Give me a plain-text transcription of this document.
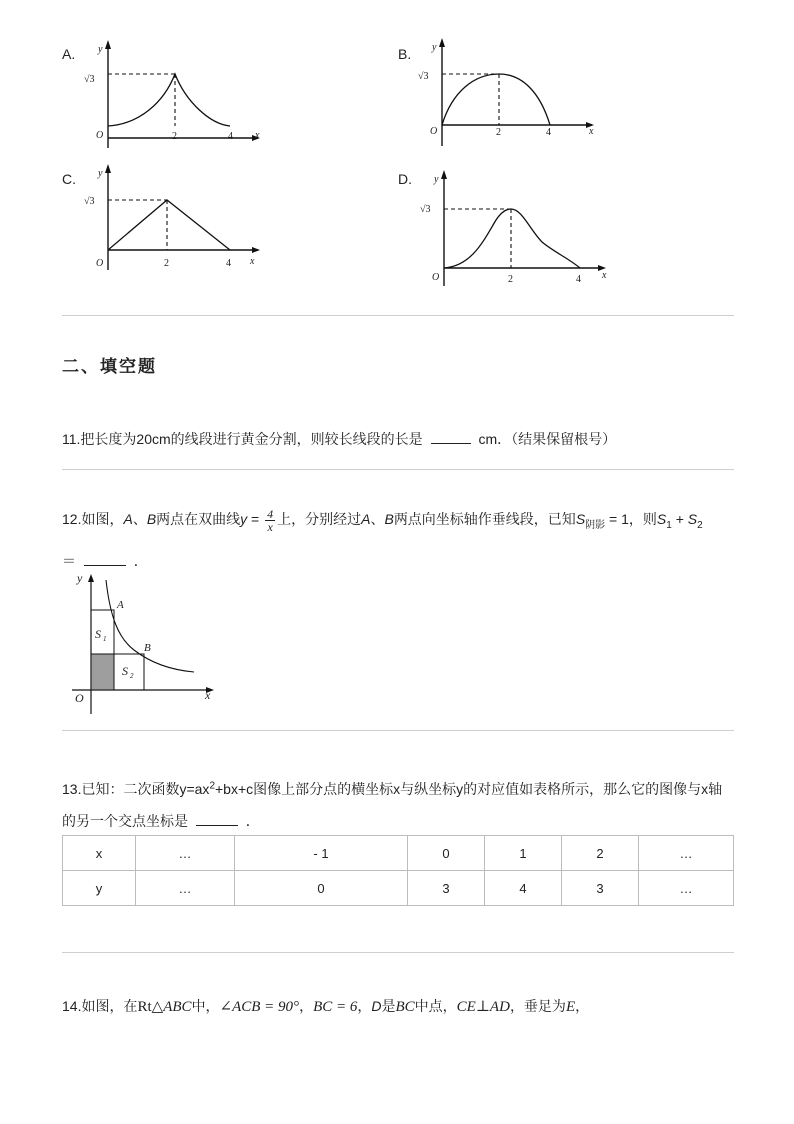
A. y
√3
O	2	4 x
B. y
√3
O	2	4	x
C. y
√3
O	2	4 x
D. y
√3
O	2	4 x
二、填空题
11.把长度为20cm的线段进行黄金分割，则较长线段的长是	cm．（结果保留根号）
12.如图，A、B两点在双曲线$y = \frac{4}{x}$ 上，分别经过A、B两点向坐标轴作垂线段，已知$S_{阴影} = 1$，则$S_1 + S_2$
＝	．
y
x
O
A
B
S 1
S 2
13.已知：二次函数$y=ax^2+bx+c$图像上部分点的横坐标x与纵坐标y的对应值如表格所示，那么它的图像与x轴
的另一个交点坐标是	．
x	…	- 1	0	1	2	…
y	…	0	3	4	3	…
14.如图，在Rt△ABC中，∠ACB = 90°，BC = 6，D是BC中点，CE⊥AD，垂足为E，
